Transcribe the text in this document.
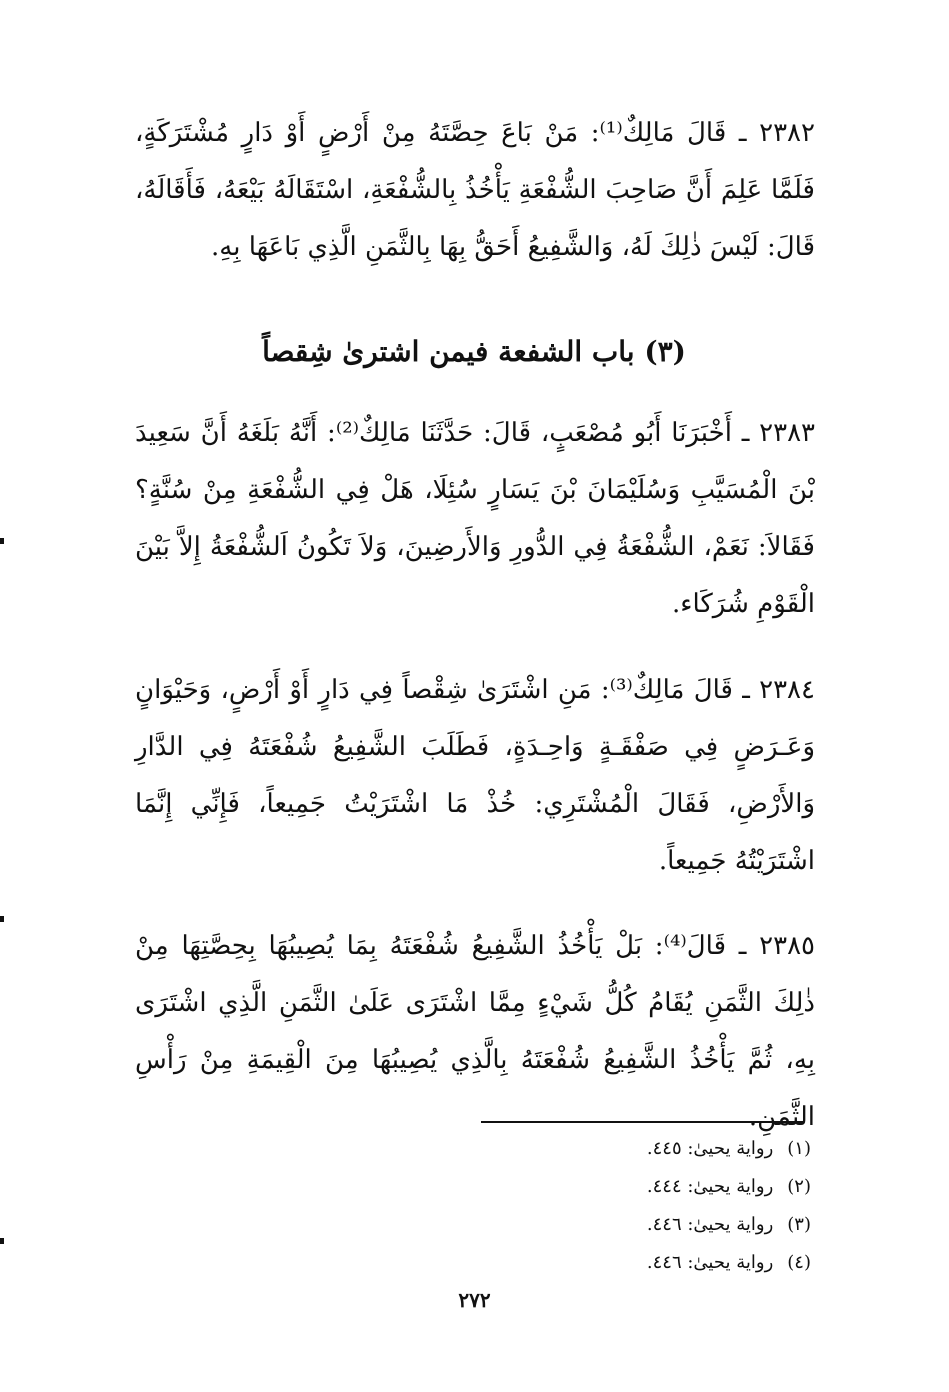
٢٣٨٢ ـ قَالَ مَالِكٌ⁽¹⁾: مَنْ بَاعَ حِصَّتَهُ مِنْ أَرْضٍ أَوْ دَارٍ مُشْتَرَكَةٍ، فَلَمَّا عَلِمَ أَنَّ صَاحِبَ الشُّفْعَةِ يَأْخُذُ بِالشُّفْعَةِ، اسْتَقَالَهُ بَيْعَهُ، فَأَقَالَهُ، قَالَ: لَيْسَ ذٰلِكَ لَهُ، وَالشَّفِيعُ أَحَقُّ بِهَا بِالثَّمَنِ الَّذِي بَاعَهَا بِهِ.

(٣) باب الشفعة فيمن اشترىٰ شِقصاً

٢٣٨٣ ـ أَخْبَرَنَا أَبُو مُصْعَبٍ، قَالَ: حَدَّثَنَا مَالِكٌ⁽²⁾: أَنَّهُ بَلَغَهُ أَنَّ سَعِيدَ بْنَ الْمُسَيَّبِ وَسُلَيْمَانَ بْنَ يَسَارٍ سُئِلَا، هَلْ فِي الشُّفْعَةِ مِنْ سُنَّةٍ؟ فَقَالاَ: نَعَمْ، الشُّفْعَةُ فِي الدُّورِ وَالأَرضِينَ، وَلاَ تَكُونُ اَلشُّفْعَةُ إِلاَّ بَيْنَ الْقَوْمِ شُرَكَاء.

٢٣٨٤ ـ قَالَ مَالِكٌ⁽³⁾: مَنِ اشْتَرَىٰ شِقْصاً فِي دَارٍ أَوْ أَرْضٍ، وَحَيْوَانٍ وَعَـرَضٍ فِي صَفْقَـةٍ وَاحِـدَةٍ، فَطَلَبَ الشَّفِيعُ شُفْعَتَهُ فِي الدَّارِ وَالأَرْضِ، فَقَالَ الْمُشْتَرِي: خُذْ مَا اشْتَرَيْتُ جَمِيعاً، فَإِنِّي إِنَّمَا اشْتَرَيْتُهُ جَمِيعاً.

٢٣٨٥ ـ قَالَ⁽⁴⁾: بَلْ يَأْخُذُ الشَّفِيعُ شُفْعَتَهُ بِمَا يُصِيبُهَا بِحِصَّتِهَا مِنْ ذٰلِكَ الثَّمَنِ يُقَامُ كُلُّ شَيْءٍ مِمَّا اشْتَرَى عَلَىٰ الثَّمَنِ الَّذِي اشْتَرَى بِهِ، ثُمَّ يَأْخُذُ الشَّفِيعُ شُفْعَتَهُ بِالَّذِي يُصِيبُهَا مِنَ الْقِيمَةِ مِنْ رَأْسِ الثَّمَنِ.

(١)رواية يحيىٰ: ٤٤٥.
(٢)رواية يحيىٰ: ٤٤٤.
(٣)رواية يحيىٰ: ٤٤٦.
(٤)رواية يحيىٰ: ٤٤٦.
٢٧٢
